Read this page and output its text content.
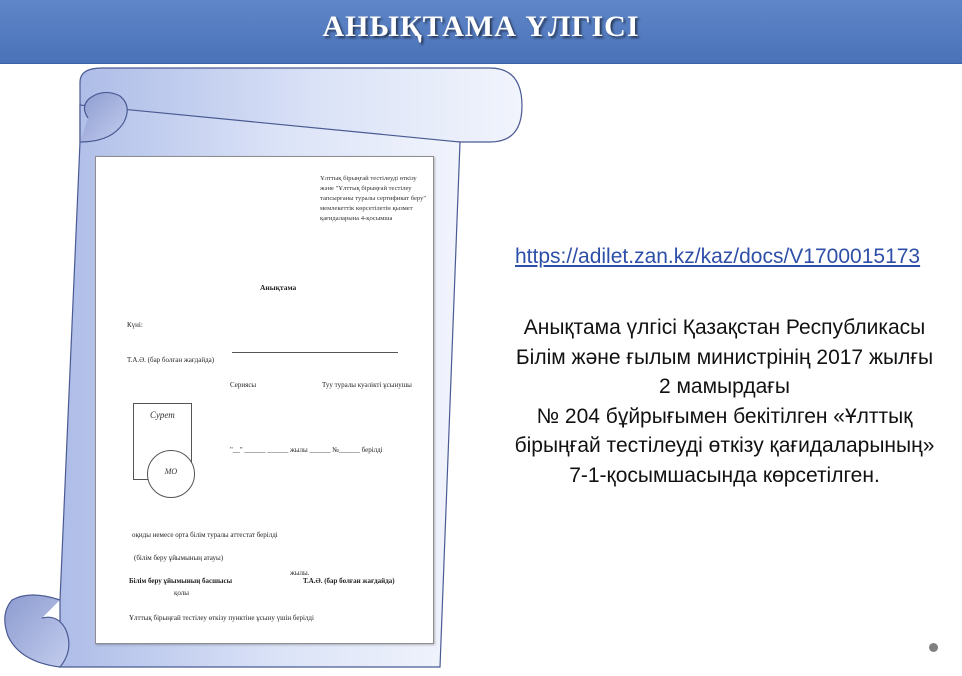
АНЫҚТАМА ҮЛГІСІ
Ұлттық бірыңғай тестілеуді өткізу және "Ұлттық бірыңғай тестілеу тапсырғаны туралы сертификат беру" мемлекеттік көрсетілетін қызмет қағидаларына 4-қосымша
Анықтама
Күні:
Т.А.Ә. (бар болған жағдайда)
Сериясы	Туу туралы куәлікті ұсынушы
Сурет
МО
"__" ______ ______ жылы ______ №______ берілді
оқиды немесе орта білім туралы аттестат берілді
(білім беру ұйымының атауы)
жылы.
Білім беру ұйымының басшысы	Т.А.Ә. (бар болған жағдайда)
қолы
Ұлттық бірыңғай тестілеу өткізу пунктіне ұсыну үшін берілді
https://adilet.zan.kz/kaz/docs/V1700015173
Анықтама үлгісі Қазақстан Республикасы
Білім және ғылым министрінің 2017 жылғы
2 мамырдағы
№ 204 бұйрығымен бекітілген «Ұлттық
бірыңғай тестілеуді өткізу қағидаларының»
7-1-қосымшасында көрсетілген.
